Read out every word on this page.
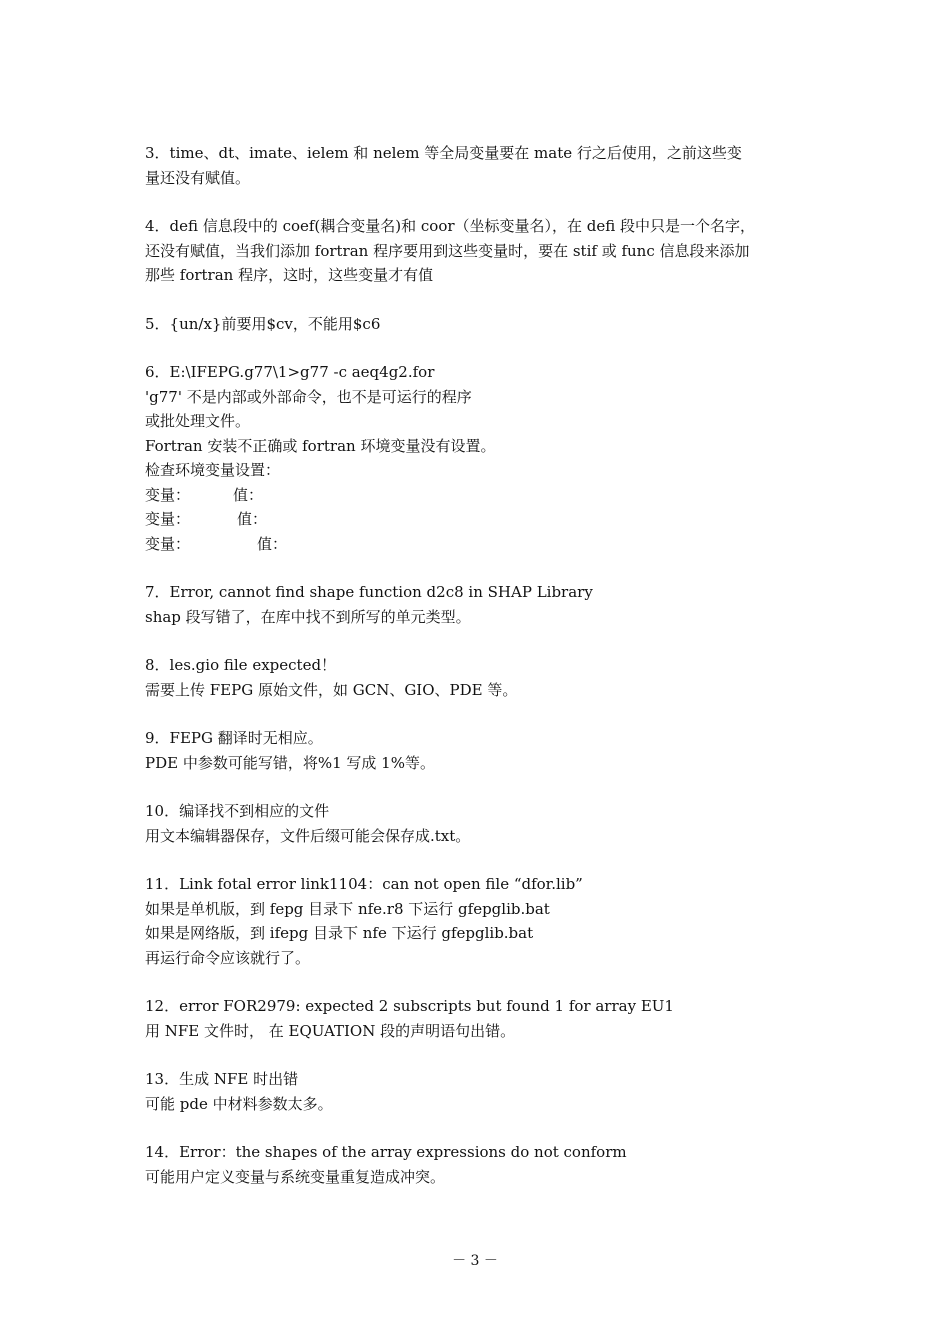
3．time、dt、imate、ielem 和 nelem 等全局变量要在 mate 行之后使用，之前这些变
量还没有赋值。
4．defi 信息段中的 coef(耦合变量名)和 coor（坐标变量名），在 defi 段中只是一个名字，
还没有赋值，当我们添加 fortran 程序要用到这些变量时，要在 stif 或 func 信息段来添加
那些 fortran 程序，这时，这些变量才有值
5．{un/x}前要用$cv，不能用$c6
6．E:\IFEPG.g77\1>g77 -c aeq4g2.for
'g77' 不是内部或外部命令，也不是可运行的程序
或批处理文件。
Fortran 安装不正确或 fortran 环境变量没有设置。
检查环境变量设置：
变量：	值：
变量：	值：
变量：	值：
7．Error, cannot find shape function d2c8 in SHAP Library
shap 段写错了，在库中找不到所写的单元类型。
8．les.gio file expected！
需要上传 FEPG 原始文件，如 GCN、GIO、PDE 等。
9．FEPG 翻译时无相应。
PDE 中参数可能写错，将%1 写成 1%等。
10．编译找不到相应的文件
用文本编辑器保存，文件后缀可能会保存成.txt。
11．Link fotal error link1104：can not open file “dfor.lib”
如果是单机版，到 fepg 目录下 nfe.r8 下运行 gfepglib.bat
如果是网络版，到 ifepg 目录下 nfe 下运行 gfepglib.bat
再运行命令应该就行了。
12．error FOR2979: expected 2 subscripts but found 1 for array EU1
用 NFE 文件时， 在 EQUATION 段的声明语句出错。
13．生成 NFE 时出错
可能 pde 中材料参数太多。
14．Error：the shapes of the array expressions do not conform
可能用户定义变量与系统变量重复造成冲突。
－ 3 －
